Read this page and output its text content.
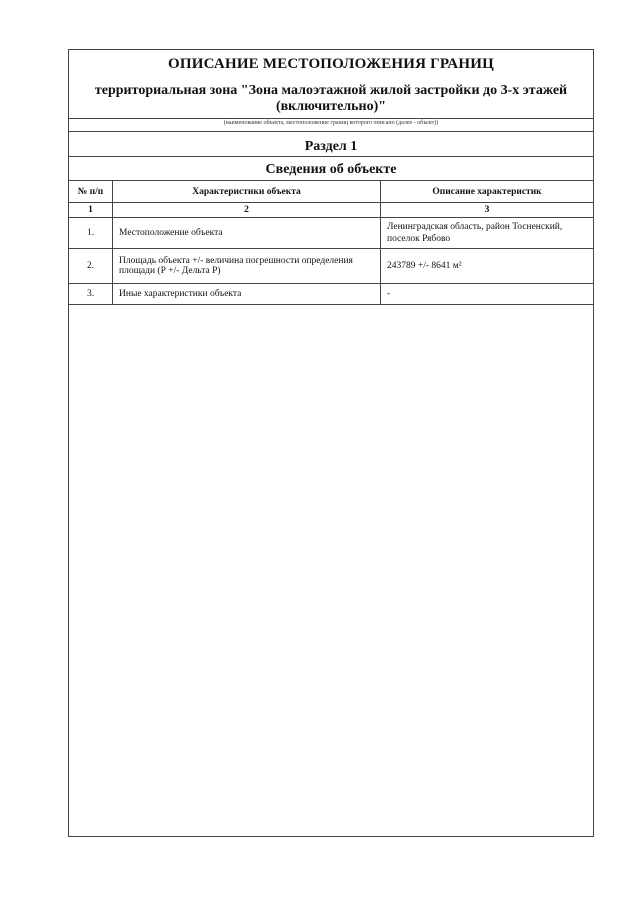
ОПИСАНИЕ МЕСТОПОЛОЖЕНИЯ ГРАНИЦ
территориальная зона "Зона малоэтажной жилой застройки до 3-х этажей (включительно)"
(наименование объекта, местоположение границ которого описано (далее - объект))
Раздел 1
Сведения об объекте
№ п/п	Характеристики объекта	Описание характеристик
1	2	3
1.	Местоположение объекта	Ленинградская область, район Тосненский, поселок Рябово
2.	Площадь объекта +/- величина погрешности определения площади (Р +/- Дельта Р)	243789 +/- 8641 м²
3.	Иные характеристики объекта	-
